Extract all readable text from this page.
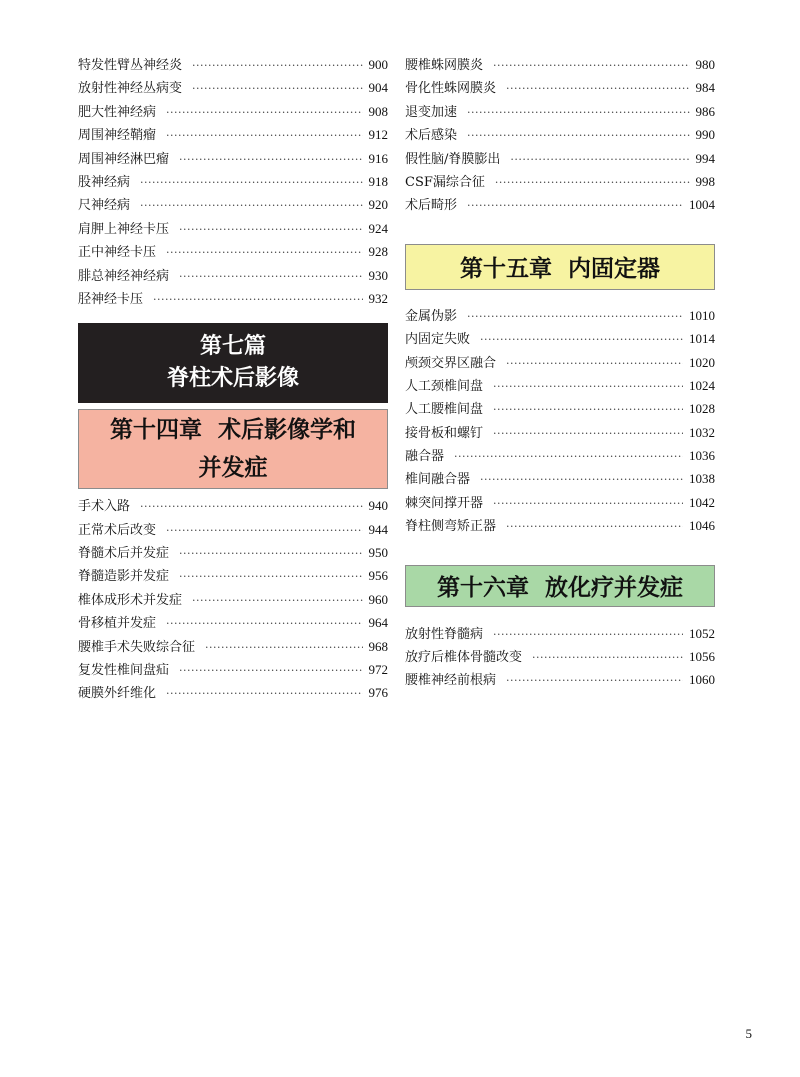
特发性臂丛神经炎 ·····	900
放射性神经丛病变 ·····	904
肥大性神经病 ·····	908
周围神经鞘瘤 ·····	912
周围神经淋巴瘤 ·····	916
股神经病 ·····	918
尺神经病 ·····	920
肩胛上神经卡压 ·····	924
正中神经卡压 ·····	928
腓总神经神经病 ·····	930
胫神经卡压 ·····	932
第七篇
脊柱术后影像
第十四章  术后影像学和
并发症
手术入路 ·····	940
正常术后改变 ·····	944
脊髓术后并发症 ·····	950
脊髓造影并发症 ·····	956
椎体成形术并发症 ·····	960
骨移植并发症 ·····	964
腰椎手术失败综合征 ·····	968
复发性椎间盘疝 ·····	972
硬膜外纤维化 ·····	976
腰椎蛛网膜炎 ·····	980
骨化性蛛网膜炎 ·····	984
退变加速 ·····	986
术后感染 ·····	990
假性脑/脊膜膨出 ·····	994
CSF漏综合征 ·····	998
术后畸形 ·····	1004
第十五章  内固定器
金属伪影 ·····	1010
内固定失败 ·····	1014
颅颈交界区融合 ·····	1020
人工颈椎间盘 ·····	1024
人工腰椎间盘 ·····	1028
接骨板和螺钉 ·····	1032
融合器 ·····	1036
椎间融合器 ·····	1038
棘突间撑开器 ·····	1042
脊柱侧弯矫正器 ·····	1046
第十六章  放化疗并发症
放射性脊髓病 ·····	1052
放疗后椎体骨髓改变 ·····	1056
腰椎神经前根病 ·····	1060
5
